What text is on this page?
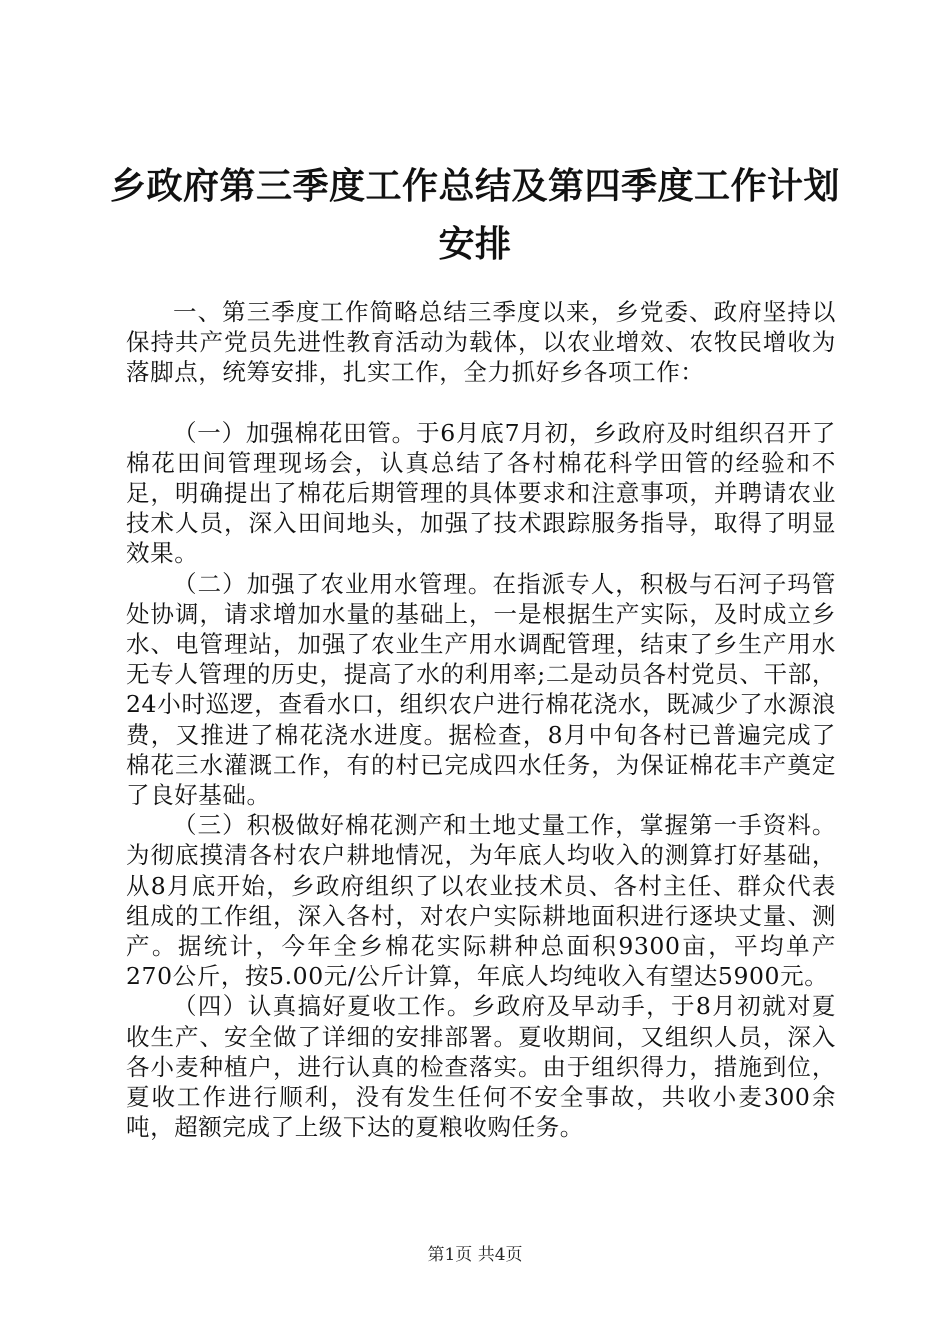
乡政府第三季度工作总结及第四季度工作计划安排

一、第三季度工作简略总结三季度以来，乡党委、政府坚持以保持共产党员先进性教育活动为载体，以农业增效、农牧民增收为落脚点，统筹安排，扎实工作，全力抓好乡各项工作：

（一）加强棉花田管。于6月底7月初，乡政府及时组织召开了棉花田间管理现场会，认真总结了各村棉花科学田管的经验和不足，明确提出了棉花后期管理的具体要求和注意事项，并聘请农业技术人员，深入田间地头，加强了技术跟踪服务指导，取得了明显效果。

（二）加强了农业用水管理。在指派专人，积极与石河子玛管处协调，请求增加水量的基础上，一是根据生产实际，及时成立乡水、电管理站，加强了农业生产用水调配管理，结束了乡生产用水无专人管理的历史，提高了水的利用率;二是动员各村党员、干部，24小时巡逻，查看水口，组织农户进行棉花浇水，既减少了水源浪费，又推进了棉花浇水进度。据检查，8月中旬各村已普遍完成了棉花三水灌溉工作，有的村已完成四水任务，为保证棉花丰产奠定了良好基础。

（三）积极做好棉花测产和土地丈量工作，掌握第一手资料。为彻底摸清各村农户耕地情况，为年底人均收入的测算打好基础，从8月底开始，乡政府组织了以农业技术员、各村主任、群众代表组成的工作组，深入各村，对农户实际耕地面积进行逐块丈量、测产。据统计，今年全乡棉花实际耕种总面积9300亩，平均单产270公斤，按5.00元/公斤计算，年底人均纯收入有望达5900元。

（四）认真搞好夏收工作。乡政府及早动手，于8月初就对夏收生产、安全做了详细的安排部署。夏收期间，又组织人员，深入各小麦种植户，进行认真的检查落实。由于组织得力，措施到位，夏收工作进行顺利，没有发生任何不安全事故，共收小麦300余吨，超额完成了上级下达的夏粮收购任务。

第1页 共4页
